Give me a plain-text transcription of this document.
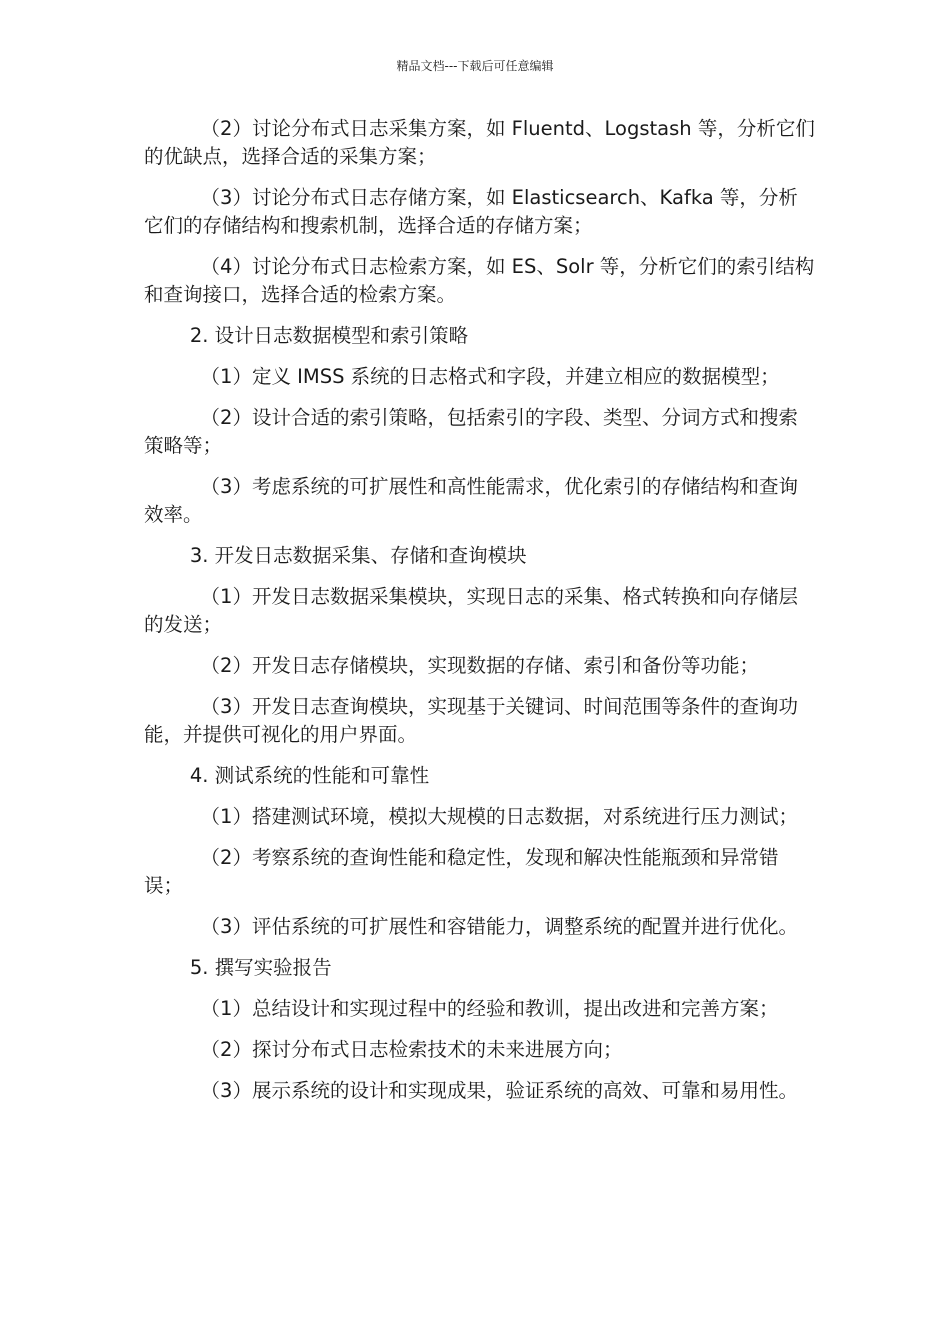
精品文档---下载后可任意编辑

（2）讨论分布式日志采集方案，如 Fluentd、Logstash 等，分析它们的优缺点，选择合适的采集方案；

（3）讨论分布式日志存储方案，如 Elasticsearch、Kafka 等，分析它们的存储结构和搜索机制，选择合适的存储方案；

（4）讨论分布式日志检索方案，如 ES、Solr 等，分析它们的索引结构和查询接口，选择合适的检索方案。

2. 设计日志数据模型和索引策略

（1）定义 IMSS 系统的日志格式和字段，并建立相应的数据模型；

（2）设计合适的索引策略，包括索引的字段、类型、分词方式和搜索策略等；

（3）考虑系统的可扩展性和高性能需求，优化索引的存储结构和查询效率。

3. 开发日志数据采集、存储和查询模块

（1）开发日志数据采集模块，实现日志的采集、格式转换和向存储层的发送；

（2）开发日志存储模块，实现数据的存储、索引和备份等功能；

（3）开发日志查询模块，实现基于关键词、时间范围等条件的查询功能，并提供可视化的用户界面。

4. 测试系统的性能和可靠性

（1）搭建测试环境，模拟大规模的日志数据，对系统进行压力测试；

（2）考察系统的查询性能和稳定性，发现和解决性能瓶颈和异常错误；

（3）评估系统的可扩展性和容错能力，调整系统的配置并进行优化。

5. 撰写实验报告

（1）总结设计和实现过程中的经验和教训，提出改进和完善方案；

（2）探讨分布式日志检索技术的未来进展方向；

（3）展示系统的设计和实现成果，验证系统的高效、可靠和易用性。
